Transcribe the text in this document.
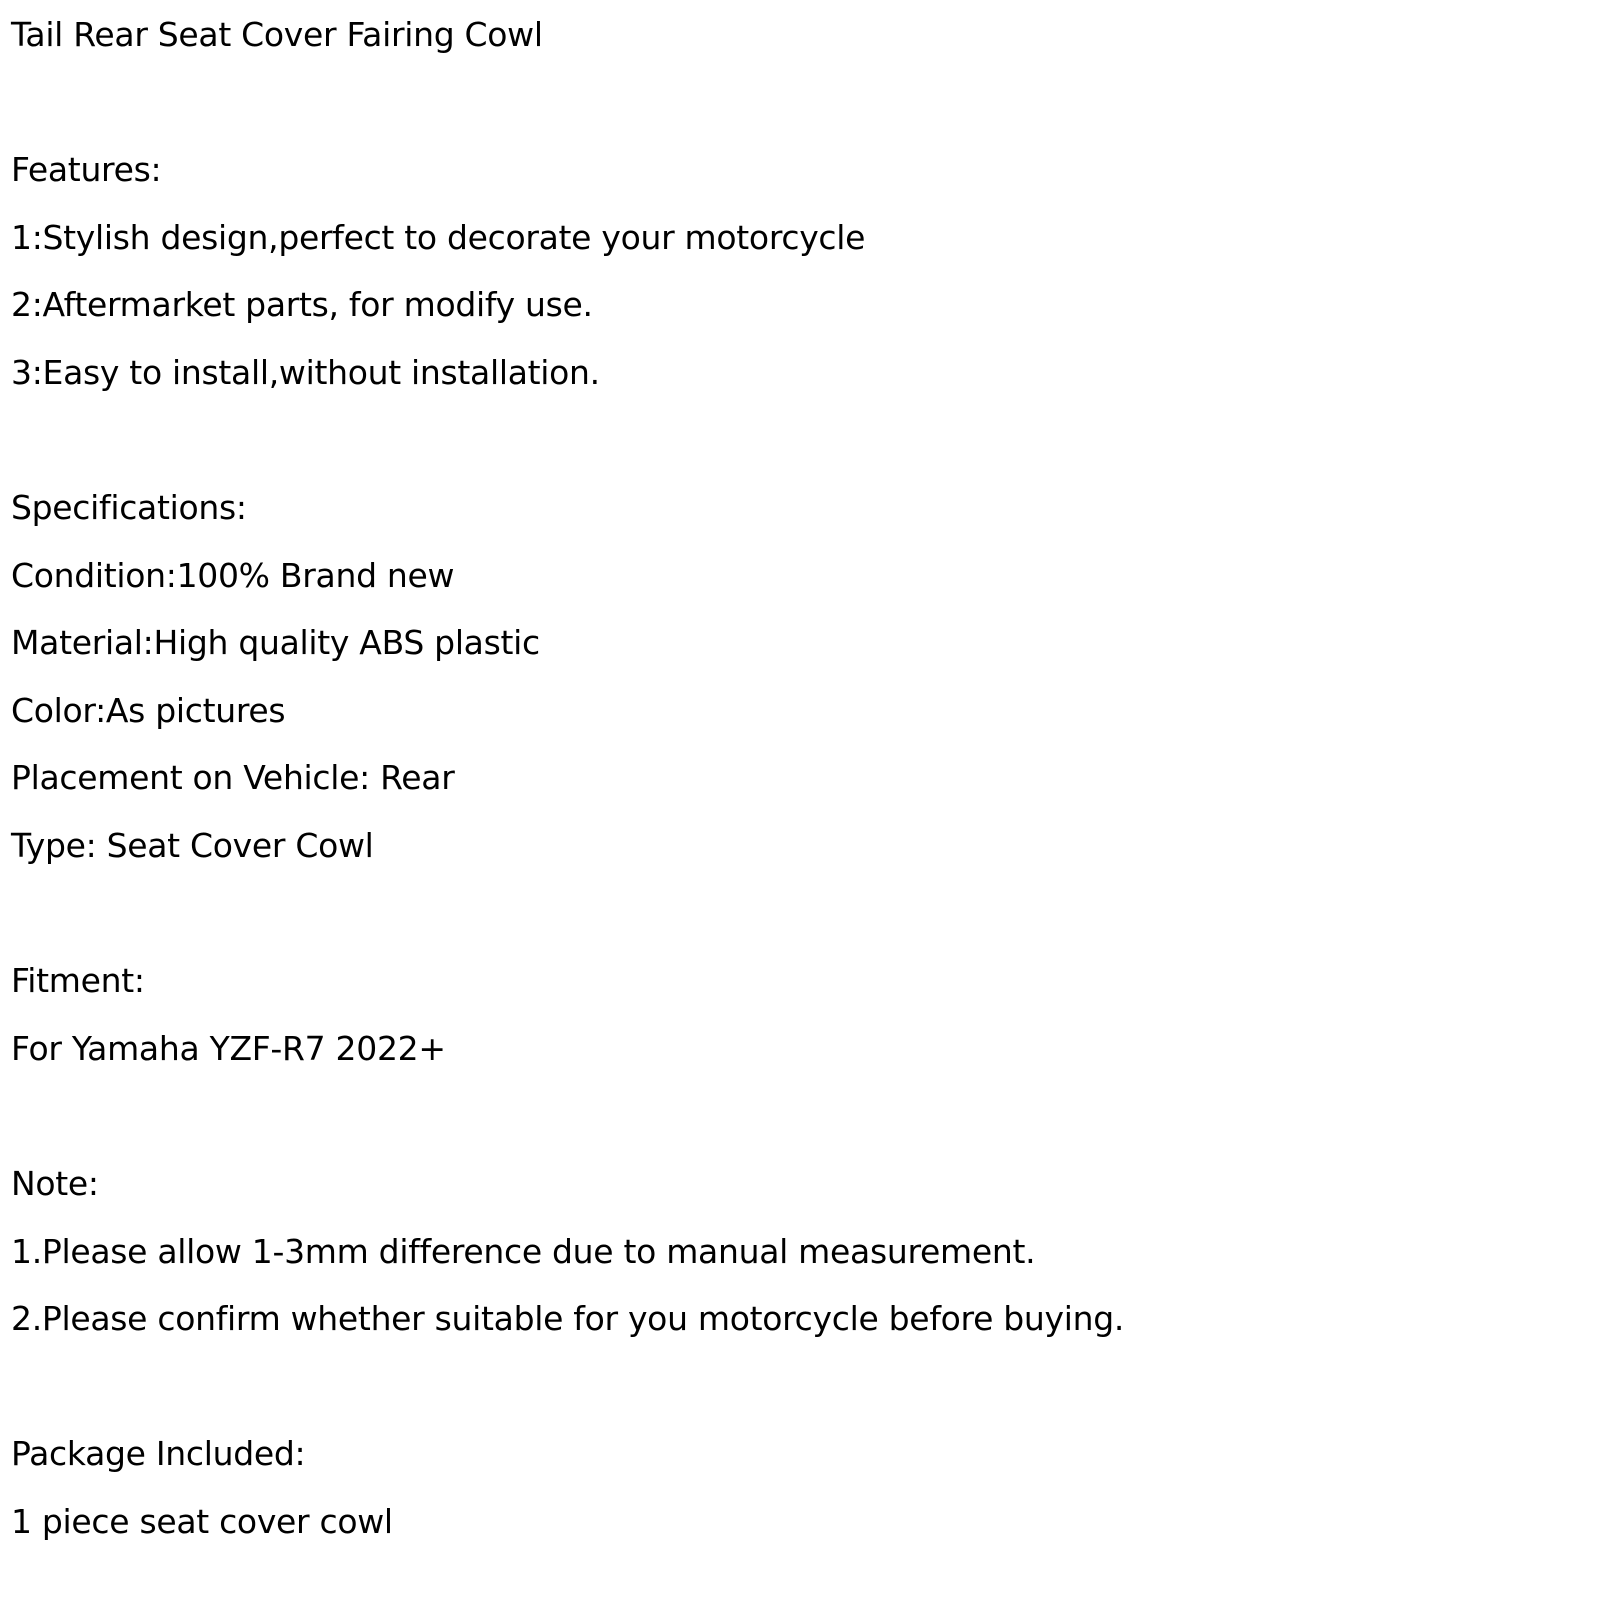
Tail Rear Seat Cover Fairing Cowl
Features:
1:Stylish design,perfect to decorate your motorcycle
2:Aftermarket parts, for modify use.
3:Easy to install,without installation.
Specifications:
Condition:100% Brand new
Material:High quality ABS plastic
Color:As pictures
Placement on Vehicle: Rear
Type: Seat Cover Cowl
Fitment:
For Yamaha YZF-R7 2022+
Note:
1.Please allow 1-3mm difference due to manual measurement.
2.Please confirm whether suitable for you motorcycle before buying.
Package Included:
1 piece seat cover cowl
